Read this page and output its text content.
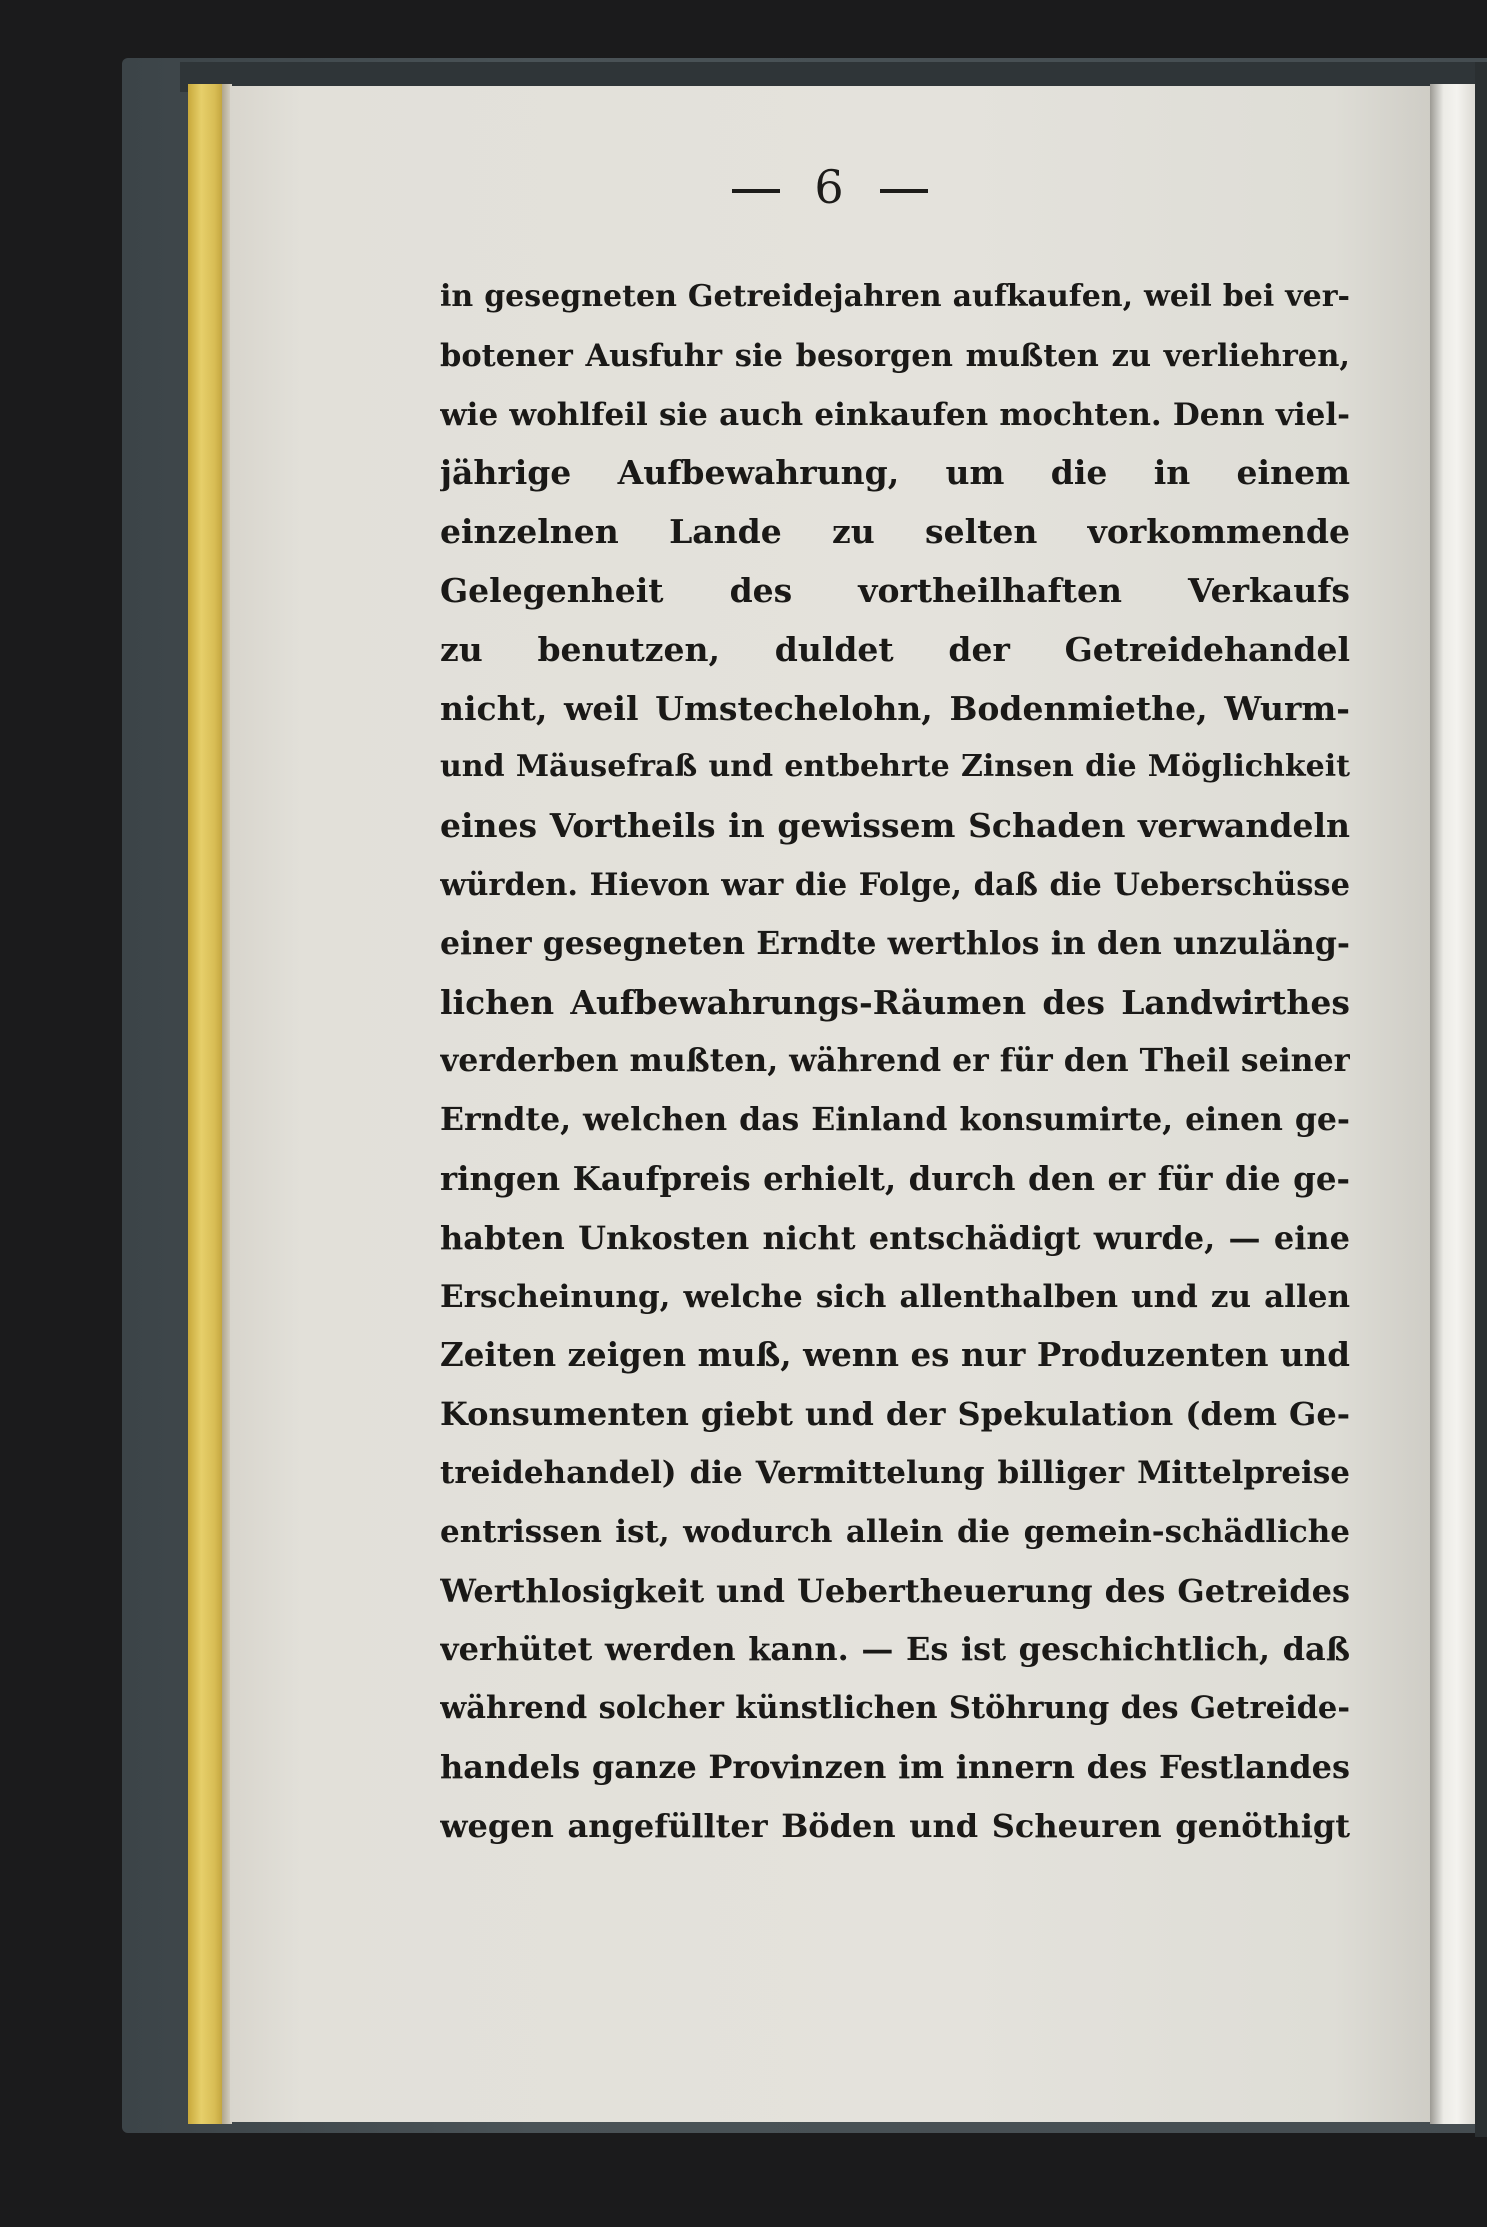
6
in gesegneten Getreidejahren aufkaufen, weil bei ver-
botener Ausfuhr sie besorgen mußten zu verliehren,
wie wohlfeil sie auch einkaufen mochten. Denn viel-
jährige Aufbewahrung, um die in einem
einzelnen Lande zu selten vorkommende
Gelegenheit des vortheilhaften Verkaufs
zu benutzen, duldet der Getreidehandel
nicht, weil Umstechelohn, Bodenmiethe, Wurm-
und Mäusefraß und entbehrte Zinsen die Möglichkeit
eines Vortheils in gewissem Schaden verwandeln
würden. Hievon war die Folge, daß die Ueberschüsse
einer gesegneten Erndte werthlos in den unzuläng-
lichen Aufbewahrungs-Räumen des Landwirthes
verderben mußten, während er für den Theil seiner
Erndte, welchen das Einland konsumirte, einen ge-
ringen Kaufpreis erhielt, durch den er für die ge-
habten Unkosten nicht entschädigt wurde, — eine
Erscheinung, welche sich allenthalben und zu allen
Zeiten zeigen muß, wenn es nur Produzenten und
Konsumenten giebt und der Spekulation (dem Ge-
treidehandel) die Vermittelung billiger Mittelpreise
entrissen ist, wodurch allein die gemein-schädliche
Werthlosigkeit und Uebertheuerung des Getreides
verhütet werden kann. — Es ist geschichtlich, daß
während solcher künstlichen Stöhrung des Getreide-
handels ganze Provinzen im innern des Festlandes
wegen angefüllter Böden und Scheuren genöthigt
